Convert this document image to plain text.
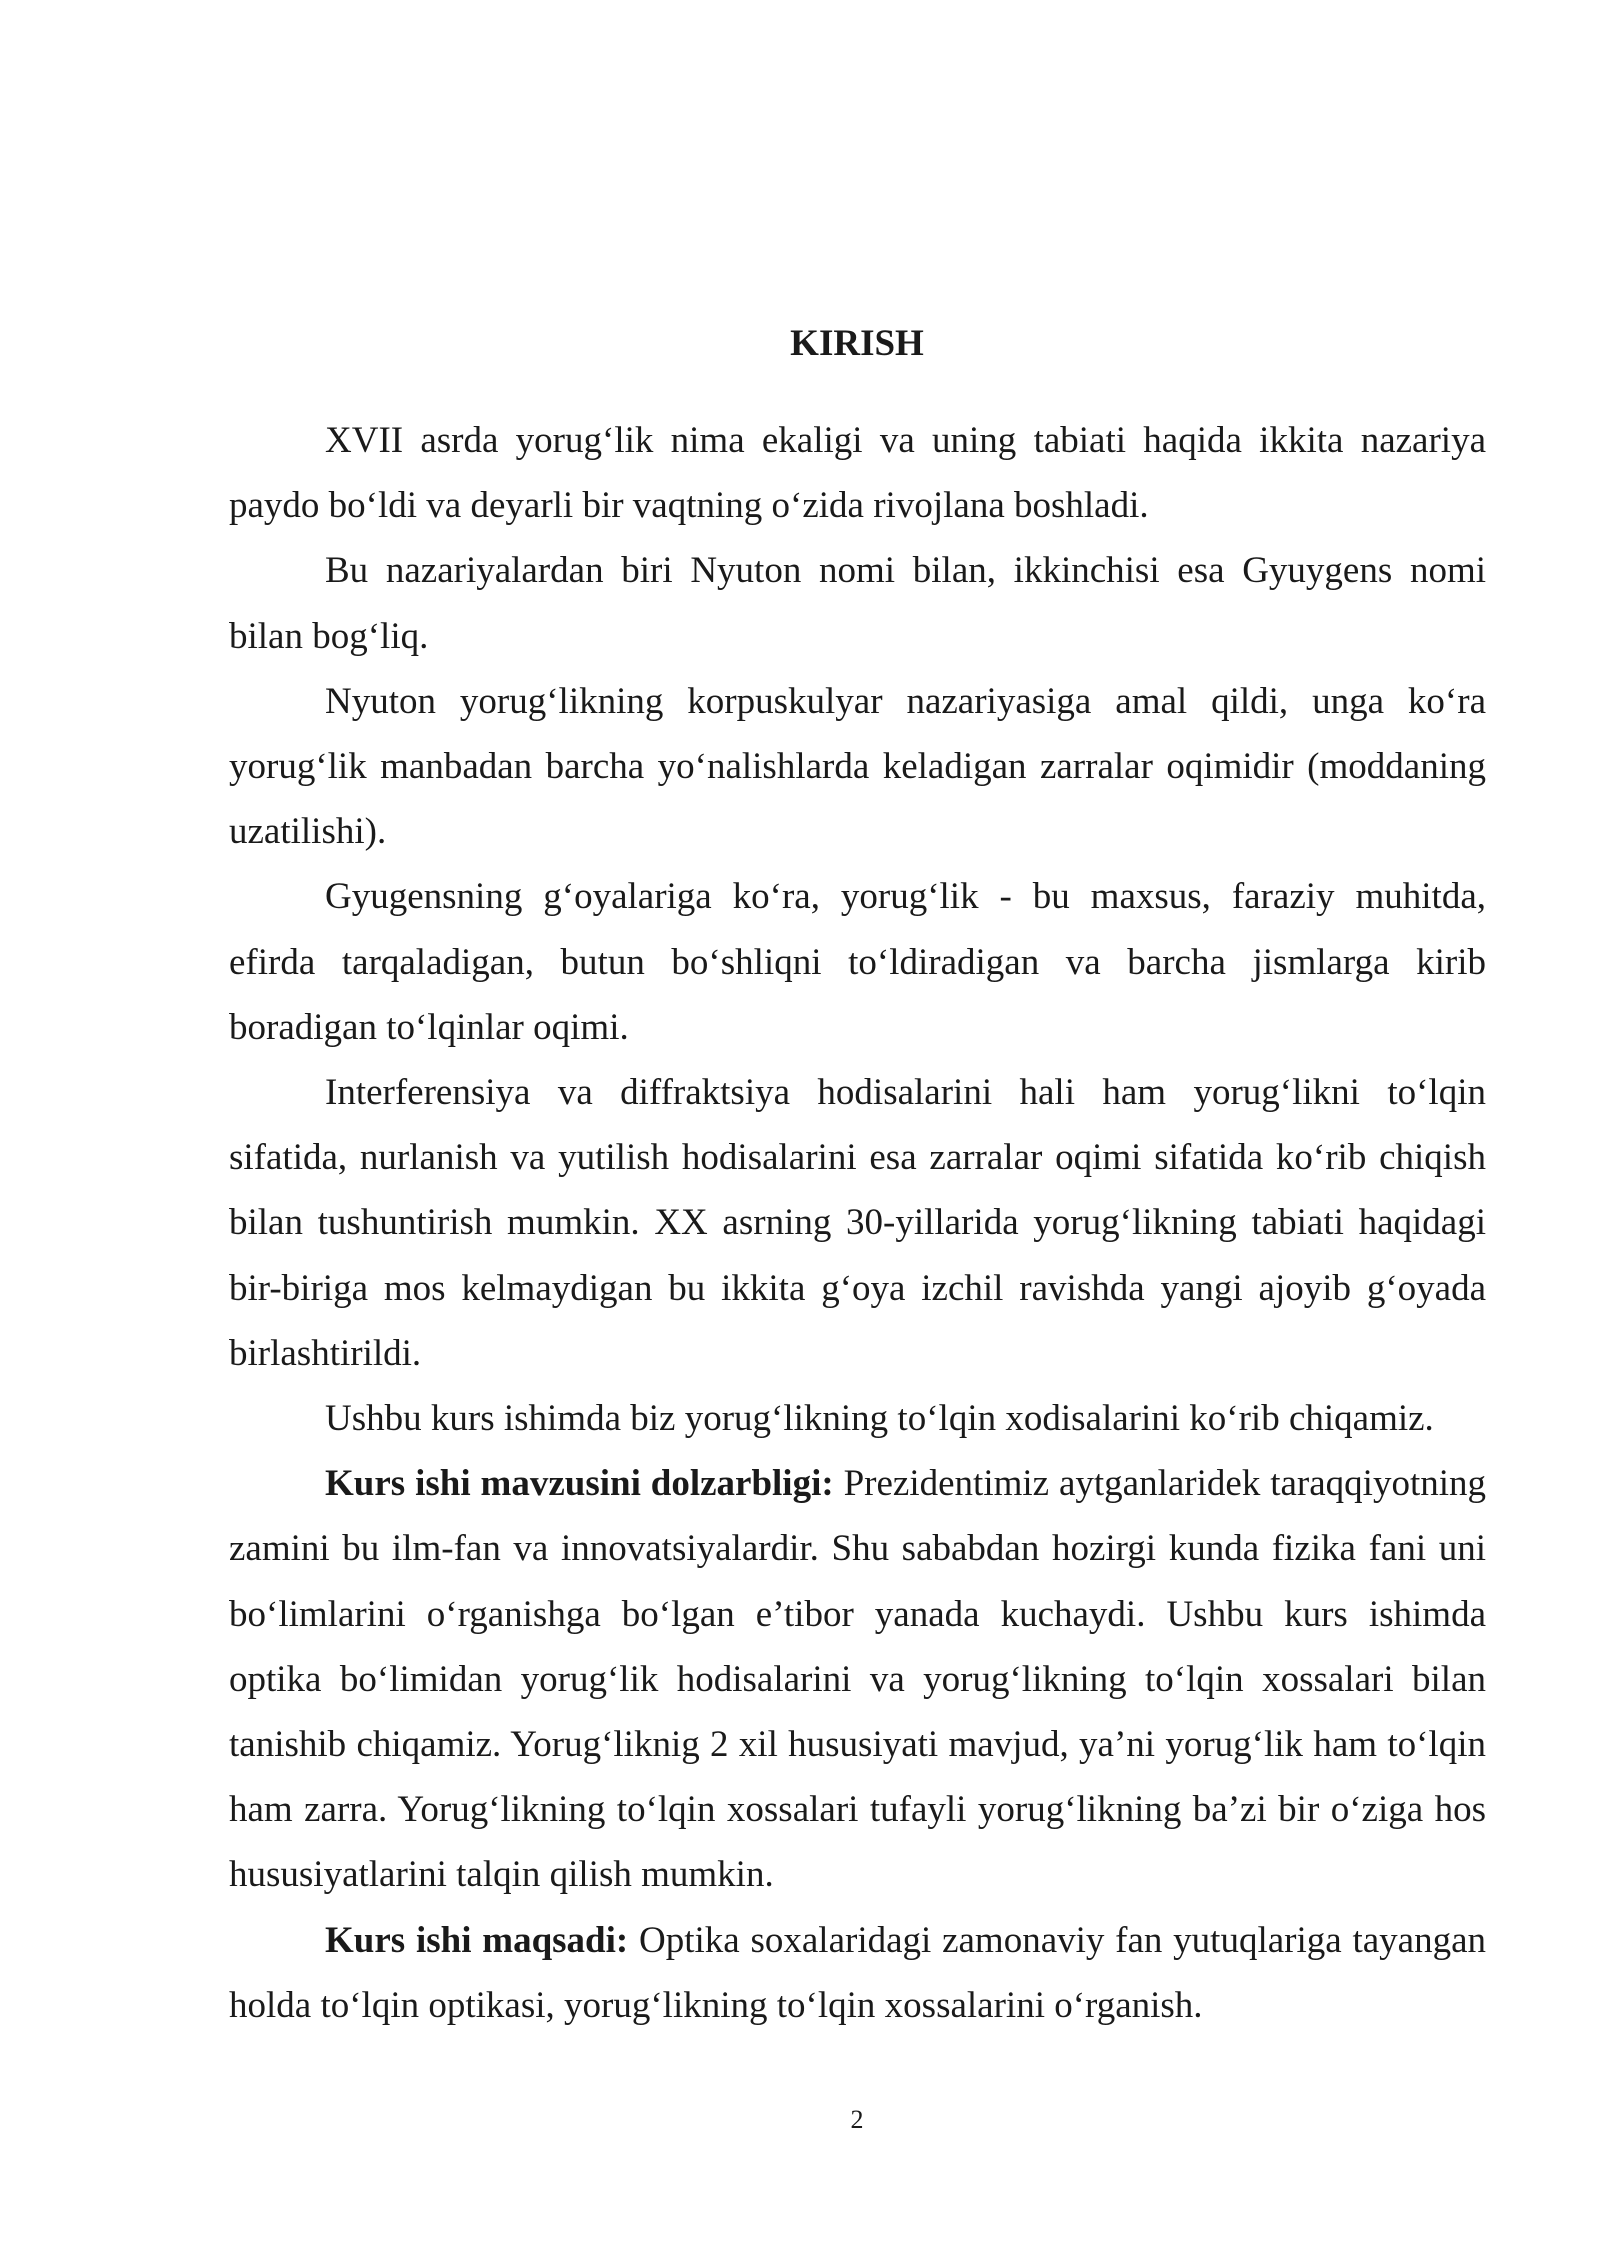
KIRISH

XVII asrda yorug‘lik nima ekaligi va uning tabiati haqida ikkita nazariya paydo bo‘ldi va deyarli bir vaqtning o‘zida rivojlana boshladi.

Bu nazariyalardan biri Nyuton nomi bilan, ikkinchisi esa Gyuygens nomi bilan bog‘liq.

Nyuton yorug‘likning korpuskulyar nazariyasiga amal qildi, unga ko‘ra yorug‘lik manbadan barcha yo‘nalishlarda keladigan zarralar oqimidir (moddaning uzatilishi).

Gyugensning g‘oyalariga ko‘ra, yorug‘lik - bu maxsus, faraziy muhitda, efirda tarqaladigan, butun bo‘shliqni to‘ldiradigan va barcha jismlarga kirib boradigan to‘lqinlar oqimi.

Interferensiya va diffraktsiya hodisalarini hali ham yorug‘likni to‘lqin sifatida, nurlanish va yutilish hodisalarini esa zarralar oqimi sifatida ko‘rib chiqish bilan tushuntirish mumkin. XX asrning 30-yillarida yorug‘likning tabiati haqidagi bir-biriga mos kelmaydigan bu ikkita g‘oya izchil ravishda yangi ajoyib g‘oyada birlashtirildi.

Ushbu kurs ishimda biz yorug‘likning to‘lqin xodisalarini ko‘rib chiqamiz.

Kurs ishi mavzusini dolzarbligi: Prezidentimiz aytganlaridek taraqqiyotning zamini bu ilm-fan va innovatsiyalardir. Shu sababdan hozirgi kunda fizika fani uni bo‘limlarini o‘rganishga bo‘lgan e’tibor yanada kuchaydi. Ushbu kurs ishimda optika bo‘limidan yorug‘lik hodisalarini va yorug‘likning to‘lqin xossalari bilan tanishib chiqamiz. Yorug‘liknig 2 xil hususiyati mavjud, ya’ni yorug‘lik ham to‘lqin ham zarra. Yorug‘likning to‘lqin xossalari tufayli yorug‘likning ba’zi bir o‘ziga hos hususiyatlarini talqin qilish mumkin.

Kurs ishi maqsadi: Optika soxalaridagi zamonaviy fan yutuqlariga tayangan holda to‘lqin optikasi, yorug‘likning to‘lqin xossalarini o‘rganish.

2
